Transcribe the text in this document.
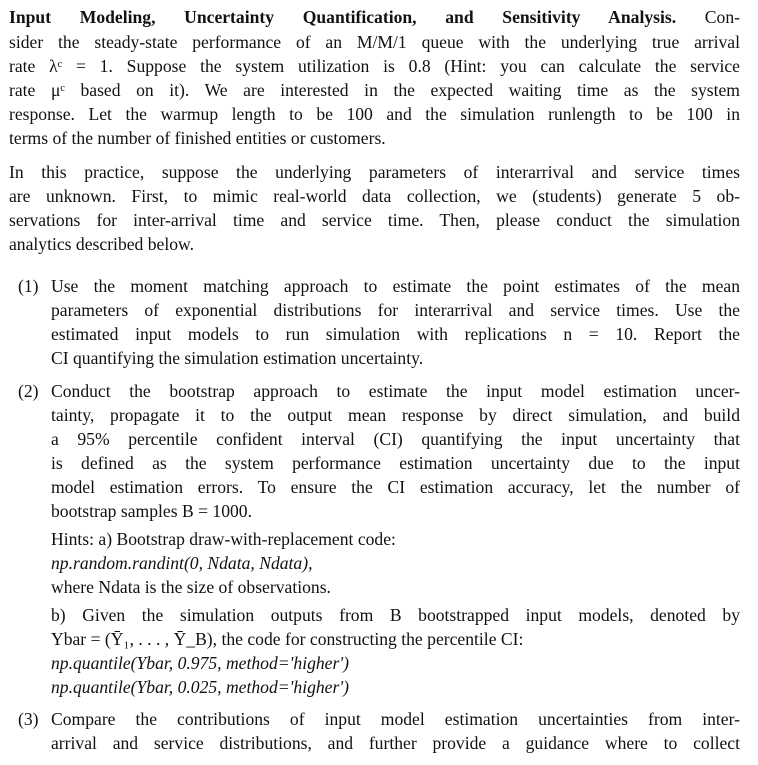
Input Modeling, Uncertainty Quantification, and Sensitivity Analysis. Con-
sider the steady-state performance of an M/M/1 queue with the underlying true arrival
rate λᶜ = 1. Suppose the system utilization is 0.8 (Hint: you can calculate the service
rate μᶜ based on it). We are interested in the expected waiting time as the system
response. Let the warmup length to be 100 and the simulation runlength to be 100 in
terms of the number of finished entities or customers.
In this practice, suppose the underlying parameters of interarrival and service times
are unknown. First, to mimic real-world data collection, we (students) generate 5 ob-
servations for inter-arrival time and service time. Then, please conduct the simulation
analytics described below.
(1) Use the moment matching approach to estimate the point estimates of the mean
parameters of exponential distributions for interarrival and service times. Use the
estimated input models to run simulation with replications n = 10. Report the
CI quantifying the simulation estimation uncertainty.
(2) Conduct the bootstrap approach to estimate the input model estimation uncer-
tainty, propagate it to the output mean response by direct simulation, and build
a 95% percentile confident interval (CI) quantifying the input uncertainty that
is defined as the system performance estimation uncertainty due to the input
model estimation errors. To ensure the CI estimation accuracy, let the number of
bootstrap samples B = 1000.
Hints: a) Bootstrap draw-with-replacement code:
np.random.randint(0, Ndata, Ndata),
where Ndata is the size of observations.
b) Given the simulation outputs from B bootstrapped input models, denoted by
Ybar = (Ȳ₁, . . . , Ȳ_B), the code for constructing the percentile CI:
np.quantile(Ybar, 0.975, method='higher')
np.quantile(Ybar, 0.025, method='higher')
(3) Compare the contributions of input model estimation uncertainties from inter-
arrival and service distributions, and further provide a guidance where to collect
